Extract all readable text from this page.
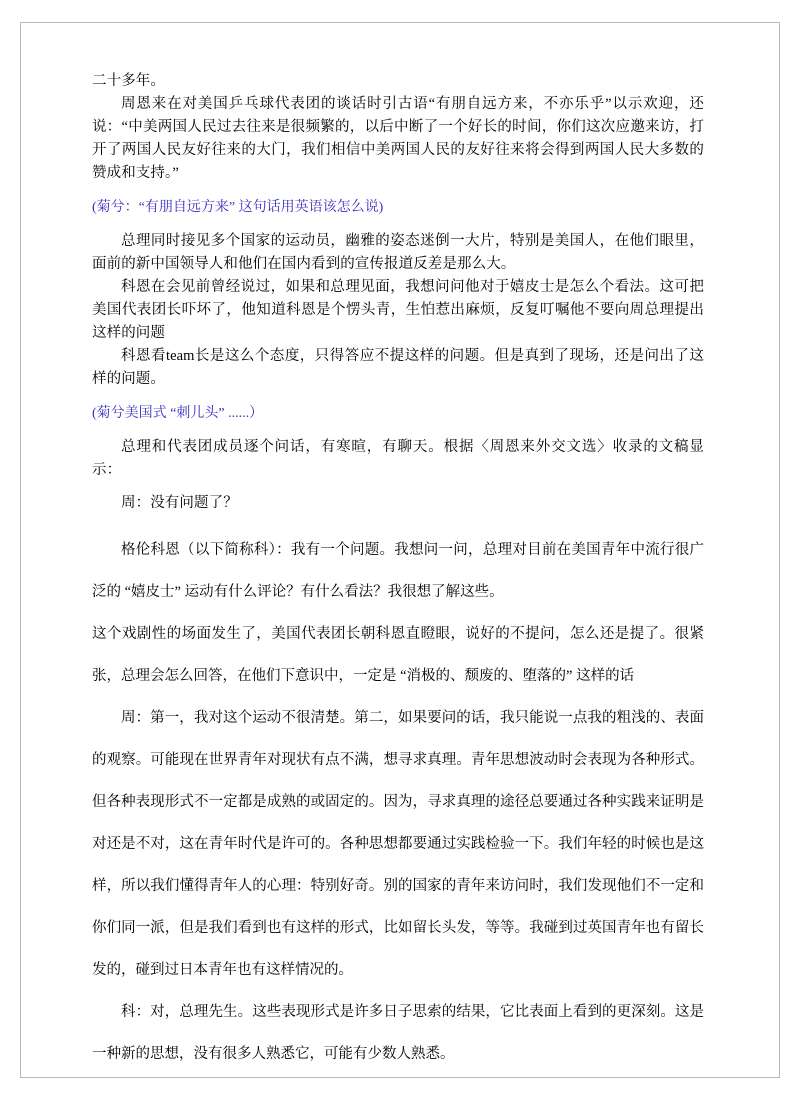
二十多年。

周恩来在对美国乒乓球代表团的谈话时引古语“有朋自远方来，不亦乐乎”以示欢迎，还说：“中美两国人民过去往来是很频繁的，以后中断了一个好长的时间，你们这次应邀来访，打开了两国人民友好往来的大门，我们相信中美两国人民的友好往来将会得到两国人民大多数的赞成和支持。”

(菊兮：“有朋自远方来” 这句话用英语该怎么说)

总理同时接见多个国家的运动员，幽雅的姿态迷倒一大片，特别是美国人，在他们眼里，面前的新中国领导人和他们在国内看到的宣传报道反差是那么大。

科恩在会见前曾经说过，如果和总理见面，我想问问他对于嬉皮士是怎么个看法。这可把美国代表团长吓坏了，他知道科恩是个愣头青，生怕惹出麻烦，反复叮嘱他不要向周总理提出这样的问题

科恩看team长是这么个态度，只得答应不提这样的问题。但是真到了现场，还是问出了这样的问题。

(菊兮美国式 “刺儿头” ......）

总理和代表团成员逐个问话，有寒暄，有聊天。根据〈周恩来外交文选〉收录的文稿显示：

周：没有问题了？

格伦科恩（以下简称科）：我有一个问题。我想问一问，总理对目前在美国青年中流行很广泛的 “嬉皮士” 运动有什么评论？有什么看法？我很想了解这些。

这个戏剧性的场面发生了，美国代表团长朝科恩直瞪眼，说好的不提问，怎么还是提了。很紧张，总理会怎么回答，在他们下意识中，一定是 “消极的、颓废的、堕落的” 这样的话

周：第一，我对这个运动不很清楚。第二，如果要问的话，我只能说一点我的粗浅的、表面的观察。可能现在世界青年对现状有点不满，想寻求真理。青年思想波动时会表现为各种形式。但各种表现形式不一定都是成熟的或固定的。因为，寻求真理的途径总要通过各种实践来证明是对还是不对，这在青年时代是许可的。各种思想都要通过实践检验一下。我们年轻的时候也是这样，所以我们懂得青年人的心理：特别好奇。别的国家的青年来访问时，我们发现他们不一定和你们同一派，但是我们看到也有这样的形式，比如留长头发，等等。我碰到过英国青年也有留长发的，碰到过日本青年也有这样情况的。

科：对，总理先生。这些表现形式是许多日子思索的结果，它比表面上看到的更深刻。这是一种新的思想，没有很多人熟悉它，可能有少数人熟悉。
